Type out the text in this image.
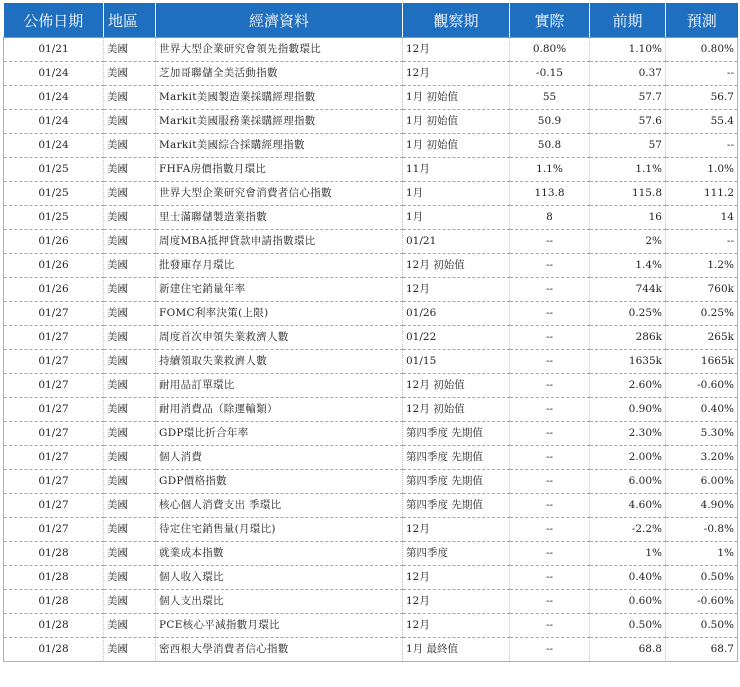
公佈日期	地區	經濟資料	觀察期	實際	前期	預測
01/21	美國	世界大型企業研究會領先指數環比	12月	0.80%	1.10%	0.80%
01/24	美國	芝加哥聯儲全美活動指數	12月	-0.15	0.37	--
01/24	美國	Markit美國製造業採購經理指數	1月 初始值	55	57.7	56.7
01/24	美國	Markit美國服務業採購經理指數	1月 初始值	50.9	57.6	55.4
01/24	美國	Markit美國綜合採購經理指數	1月 初始值	50.8	57	--
01/25	美國	FHFA房價指數月環比	11月	1.1%	1.1%	1.0%
01/25	美國	世界大型企業研究會消費者信心指數	1月	113.8	115.8	111.2
01/25	美國	里士滿聯儲製造業指數	1月	8	16	14
01/26	美國	周度MBA抵押貸款申請指數環比	01/21	--	2%	--
01/26	美國	批發庫存月環比	12月 初始值	--	1.4%	1.2%
01/26	美國	新建住宅銷量年率	12月	--	744k	760k
01/27	美國	FOMC利率決策(上限)	01/26	--	0.25%	0.25%
01/27	美國	周度首次申領失業救濟人數	01/22	--	286k	265k
01/27	美國	持續領取失業救濟人數	01/15	--	1635k	1665k
01/27	美國	耐用品訂單環比	12月 初始值	--	2.60%	-0.60%
01/27	美國	耐用消費品（除運輸類）	12月 初始值	--	0.90%	0.40%
01/27	美國	GDP環比折合年率	第四季度 先期值	--	2.30%	5.30%
01/27	美國	個人消費	第四季度 先期值	--	2.00%	3.20%
01/27	美國	GDP價格指數	第四季度 先期值	--	6.00%	6.00%
01/27	美國	核心個人消費支出 季環比	第四季度 先期值	--	4.60%	4.90%
01/27	美國	待定住宅銷售量(月環比)	12月	--	-2.2%	-0.8%
01/28	美國	就業成本指數	第四季度	--	1%	1%
01/28	美國	個人收入環比	12月	--	0.40%	0.50%
01/28	美國	個人支出環比	12月	--	0.60%	-0.60%
01/28	美國	PCE核心平減指數月環比	12月	--	0.50%	0.50%
01/28	美國	密西根大學消費者信心指數	1月 最終值	--	68.8	68.7
